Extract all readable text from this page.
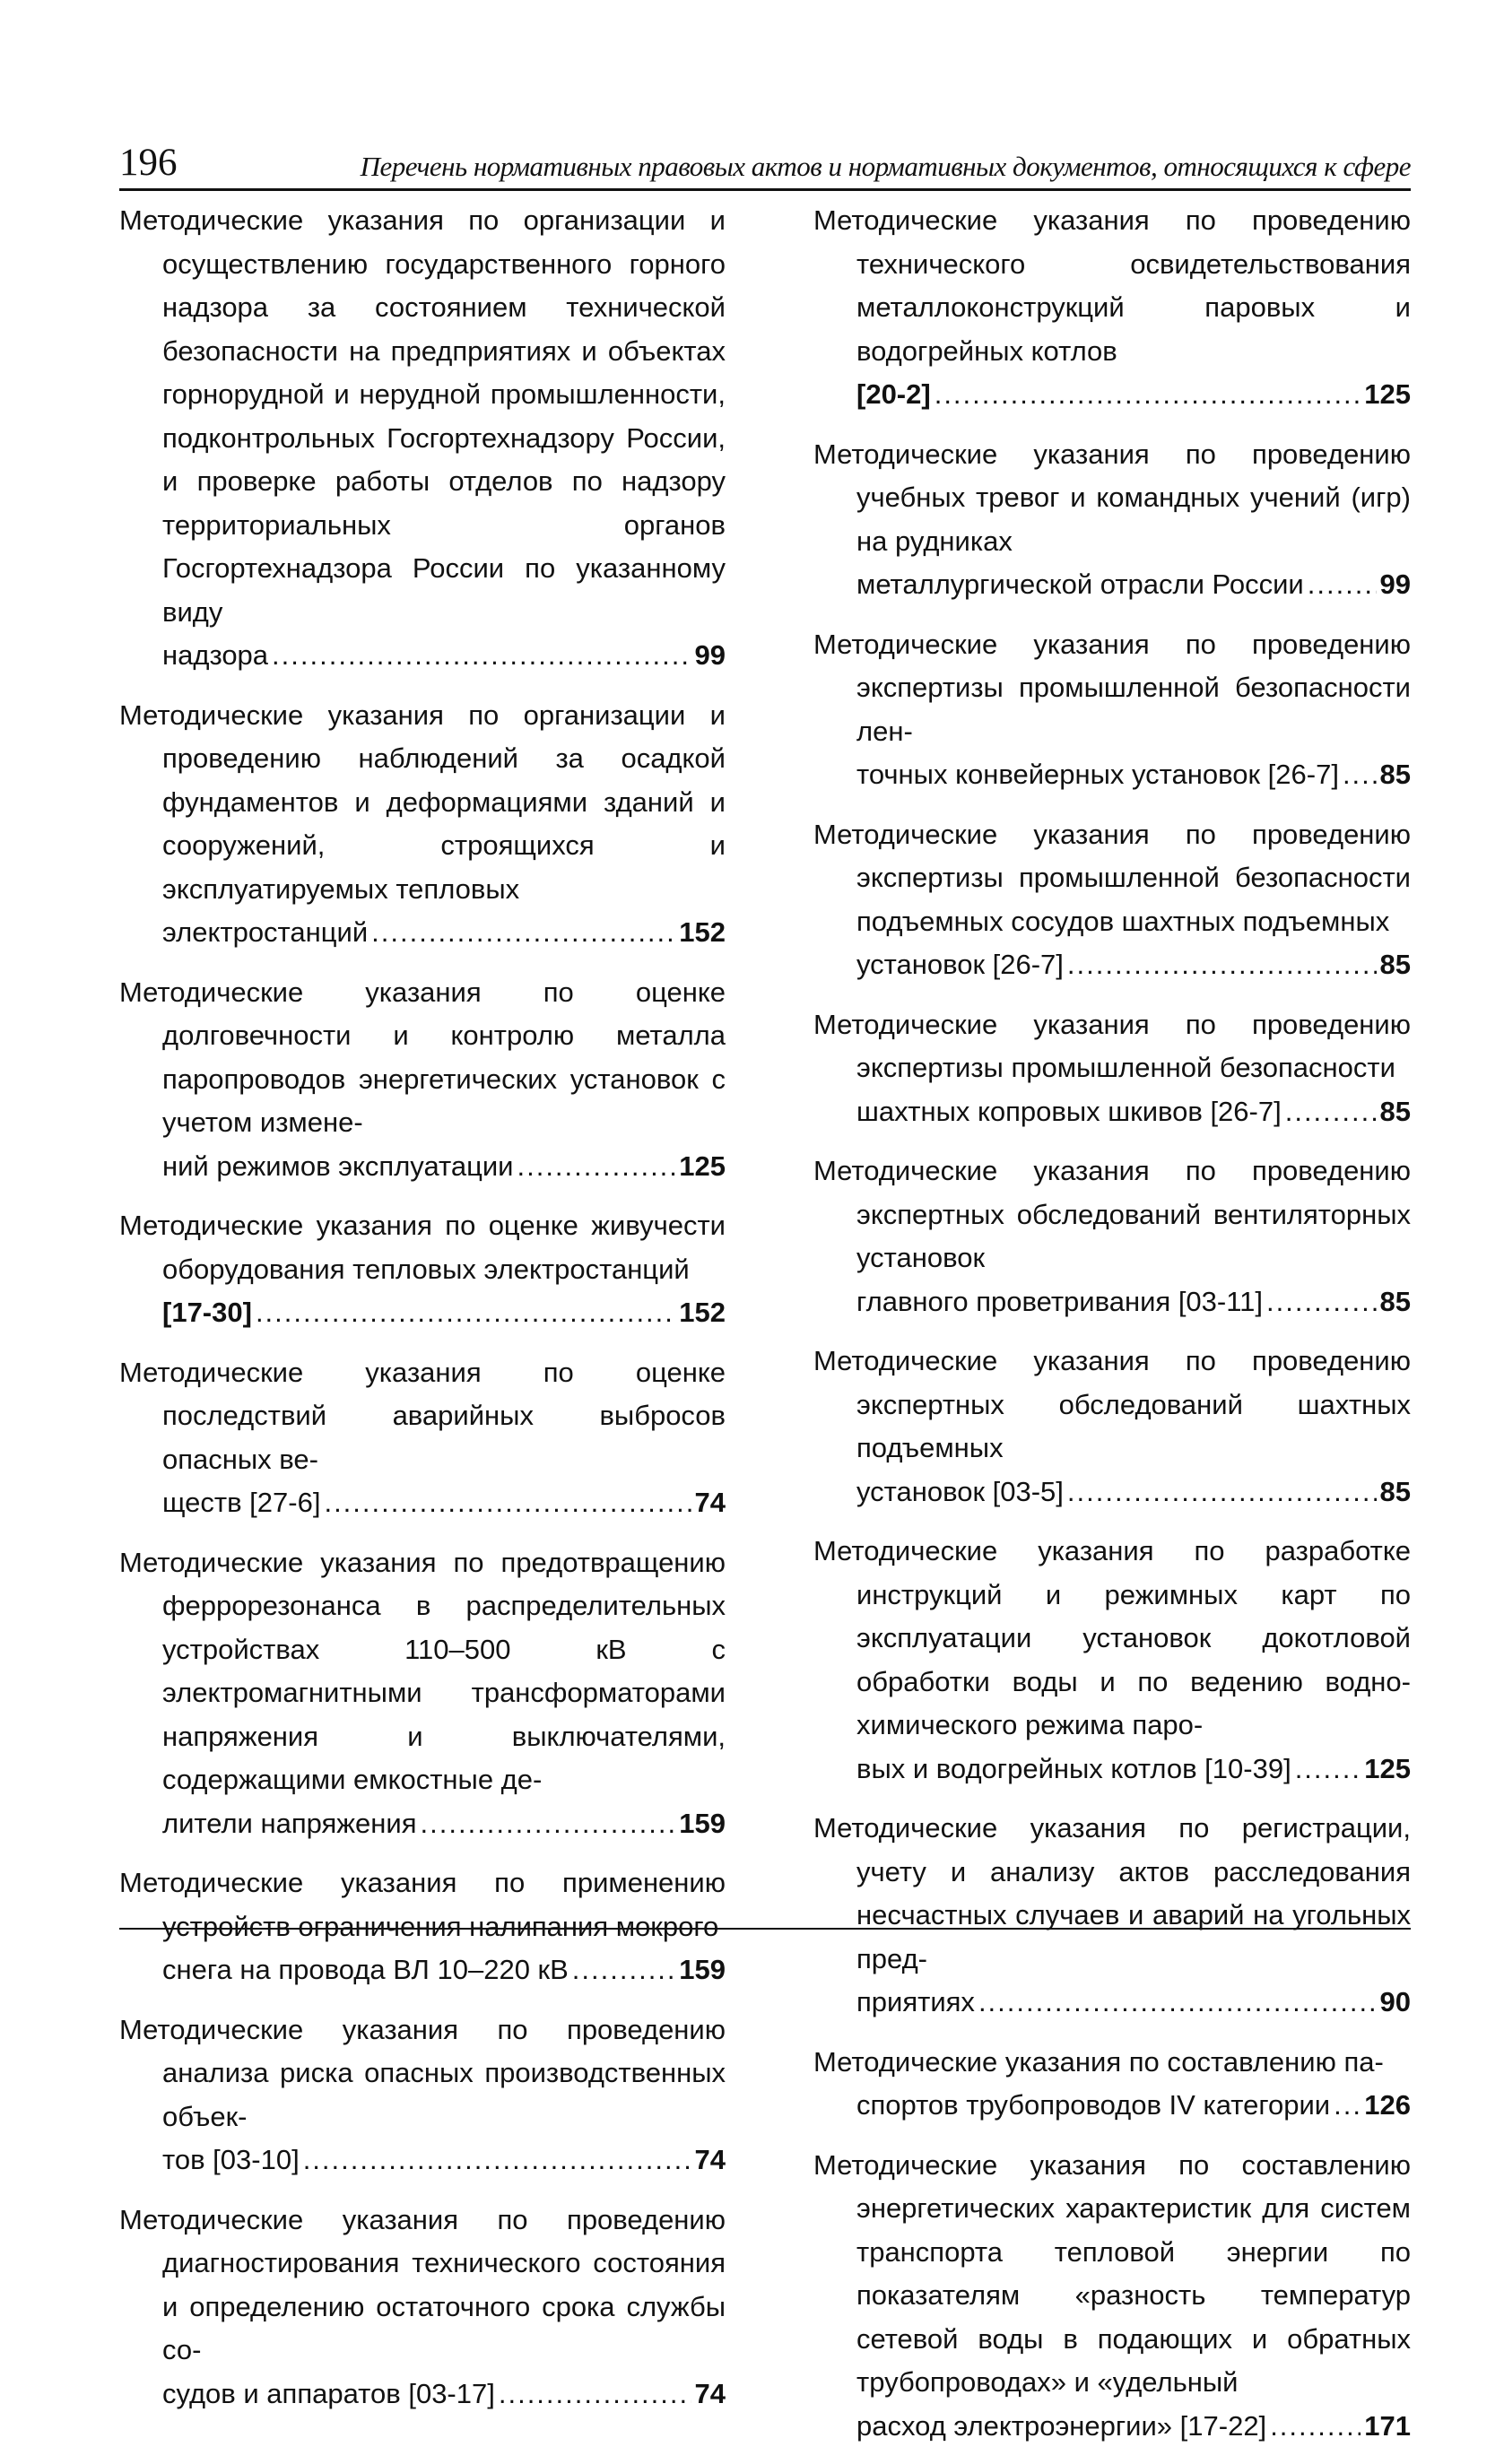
196	Перечень нормативных правовых актов и нормативных документов, относящихся к сфере
Методические указания по организации и осуществлению государственного горного надзора за состоянием технической безопасности на предприятиях и объектах горнорудной и нерудной промышленности, подконтрольных Госгортехнадзору России, и проверке работы отделов по надзору территориальных органов Госгортехнадзора России по указанному виду
надзора .....	99
Методические указания по организации и проведению наблюдений за осадкой фундаментов и деформациями зданий и сооружений, строящихся и эксплуатируемых тепловых
электростанций .....	152
Методические указания по оценке долговечности и контролю металла паропроводов энергетических установок с учетом измене-
ний режимов эксплуатации .....	125
Методические указания по оценке живучести оборудования тепловых электростанций
[17-30] .....	152
Методические указания по оценке последствий аварийных выбросов опасных ве-
ществ [27-6] .....	74
Методические указания по предотвращению феррорезонанса в распределительных устройствах 110–500 кВ с электромагнитными трансформаторами напряжения и выключателями, содержащими емкостные де-
лители напряжения .....	159
Методические указания по применению устройств ограничения налипания мокрого
снега на провода ВЛ 10–220 кВ .....	159
Методические указания по проведению анализа риска опасных производственных объек-
тов [03-10] .....	74
Методические указания по проведению диагностирования технического состояния и определению остаточного срока службы со-
судов и аппаратов [03-17] .....	74
Методические указания по проведению технического освидетельствования металлоконструкций паровых и водогрейных котлов
[20-2] .....	125
Методические указания по проведению учебных тревог и командных учений (игр) на рудниках
металлургической отрасли России .....	99
Методические указания по проведению экспертизы промышленной безопасности лен-
точных конвейерных установок [26-7] ..... 85
Методические указания по проведению экспертизы промышленной безопасности подъемных сосудов шахтных подъемных
установок [26-7] .....	85
Методические указания по проведению экспертизы промышленной безопасности
шахтных копровых шкивов [26-7] .....	85
Методические указания по проведению экспертных обследований вентиляторных установок
главного проветривания [03-11] .....	85
Методические указания по проведению экспертных обследований шахтных подъемных
установок [03-5] .....	85
Методические указания по разработке инструкций и режимных карт по эксплуатации установок докотловой обработки воды и по ведению водно-химического режима паро-
вых и водогрейных котлов [10-39] .....	125
Методические указания по регистрации, учету и анализу актов расследования несчастных случаев и аварий на угольных пред-
приятиях .....	90
Методические указания по составлению па-
спортов трубопроводов IV категории ..... 126
Методические указания по составлению энергетических характеристик для систем транспорта тепловой энергии по показателям «разность температур сетевой воды в подающих и обратных трубопроводах» и «удельный
расход электроэнергии» [17-22] .....	171
